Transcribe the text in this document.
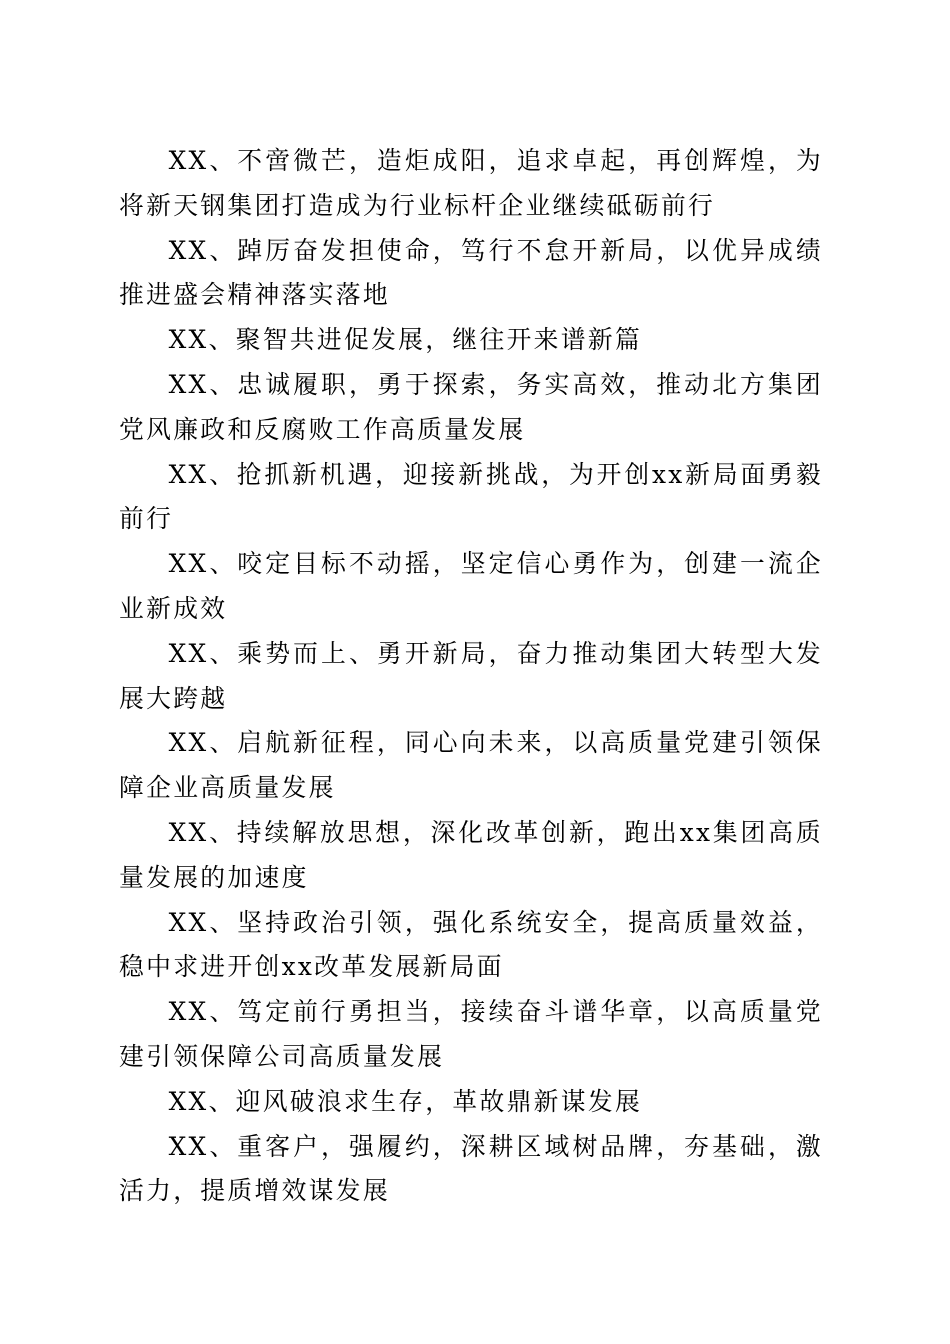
XX、不啻微芒，造炬成阳，追求卓起，再创辉煌，为将新天钢集团打造成为行业标杆企业继续砥砺前行

XX、踔厉奋发担使命，笃行不怠开新局，以优异成绩推进盛会精神落实落地

XX、聚智共进促发展，继往开来谱新篇

XX、忠诚履职，勇于探索，务实高效，推动北方集团党风廉政和反腐败工作高质量发展

XX、抢抓新机遇，迎接新挑战，为开创xx新局面勇毅前行

XX、咬定目标不动摇，坚定信心勇作为，创建一流企业新成效

XX、乘势而上、勇开新局，奋力推动集团大转型大发展大跨越

XX、启航新征程，同心向未来，以高质量党建引领保障企业高质量发展

XX、持续解放思想，深化改革创新，跑出xx集团高质量发展的加速度

XX、坚持政治引领，强化系统安全，提高质量效益，稳中求进开创xx改革发展新局面

XX、笃定前行勇担当，接续奋斗谱华章，以高质量党建引领保障公司高质量发展

XX、迎风破浪求生存，革故鼎新谋发展

XX、重客户，强履约，深耕区域树品牌，夯基础，激活力，提质增效谋发展
